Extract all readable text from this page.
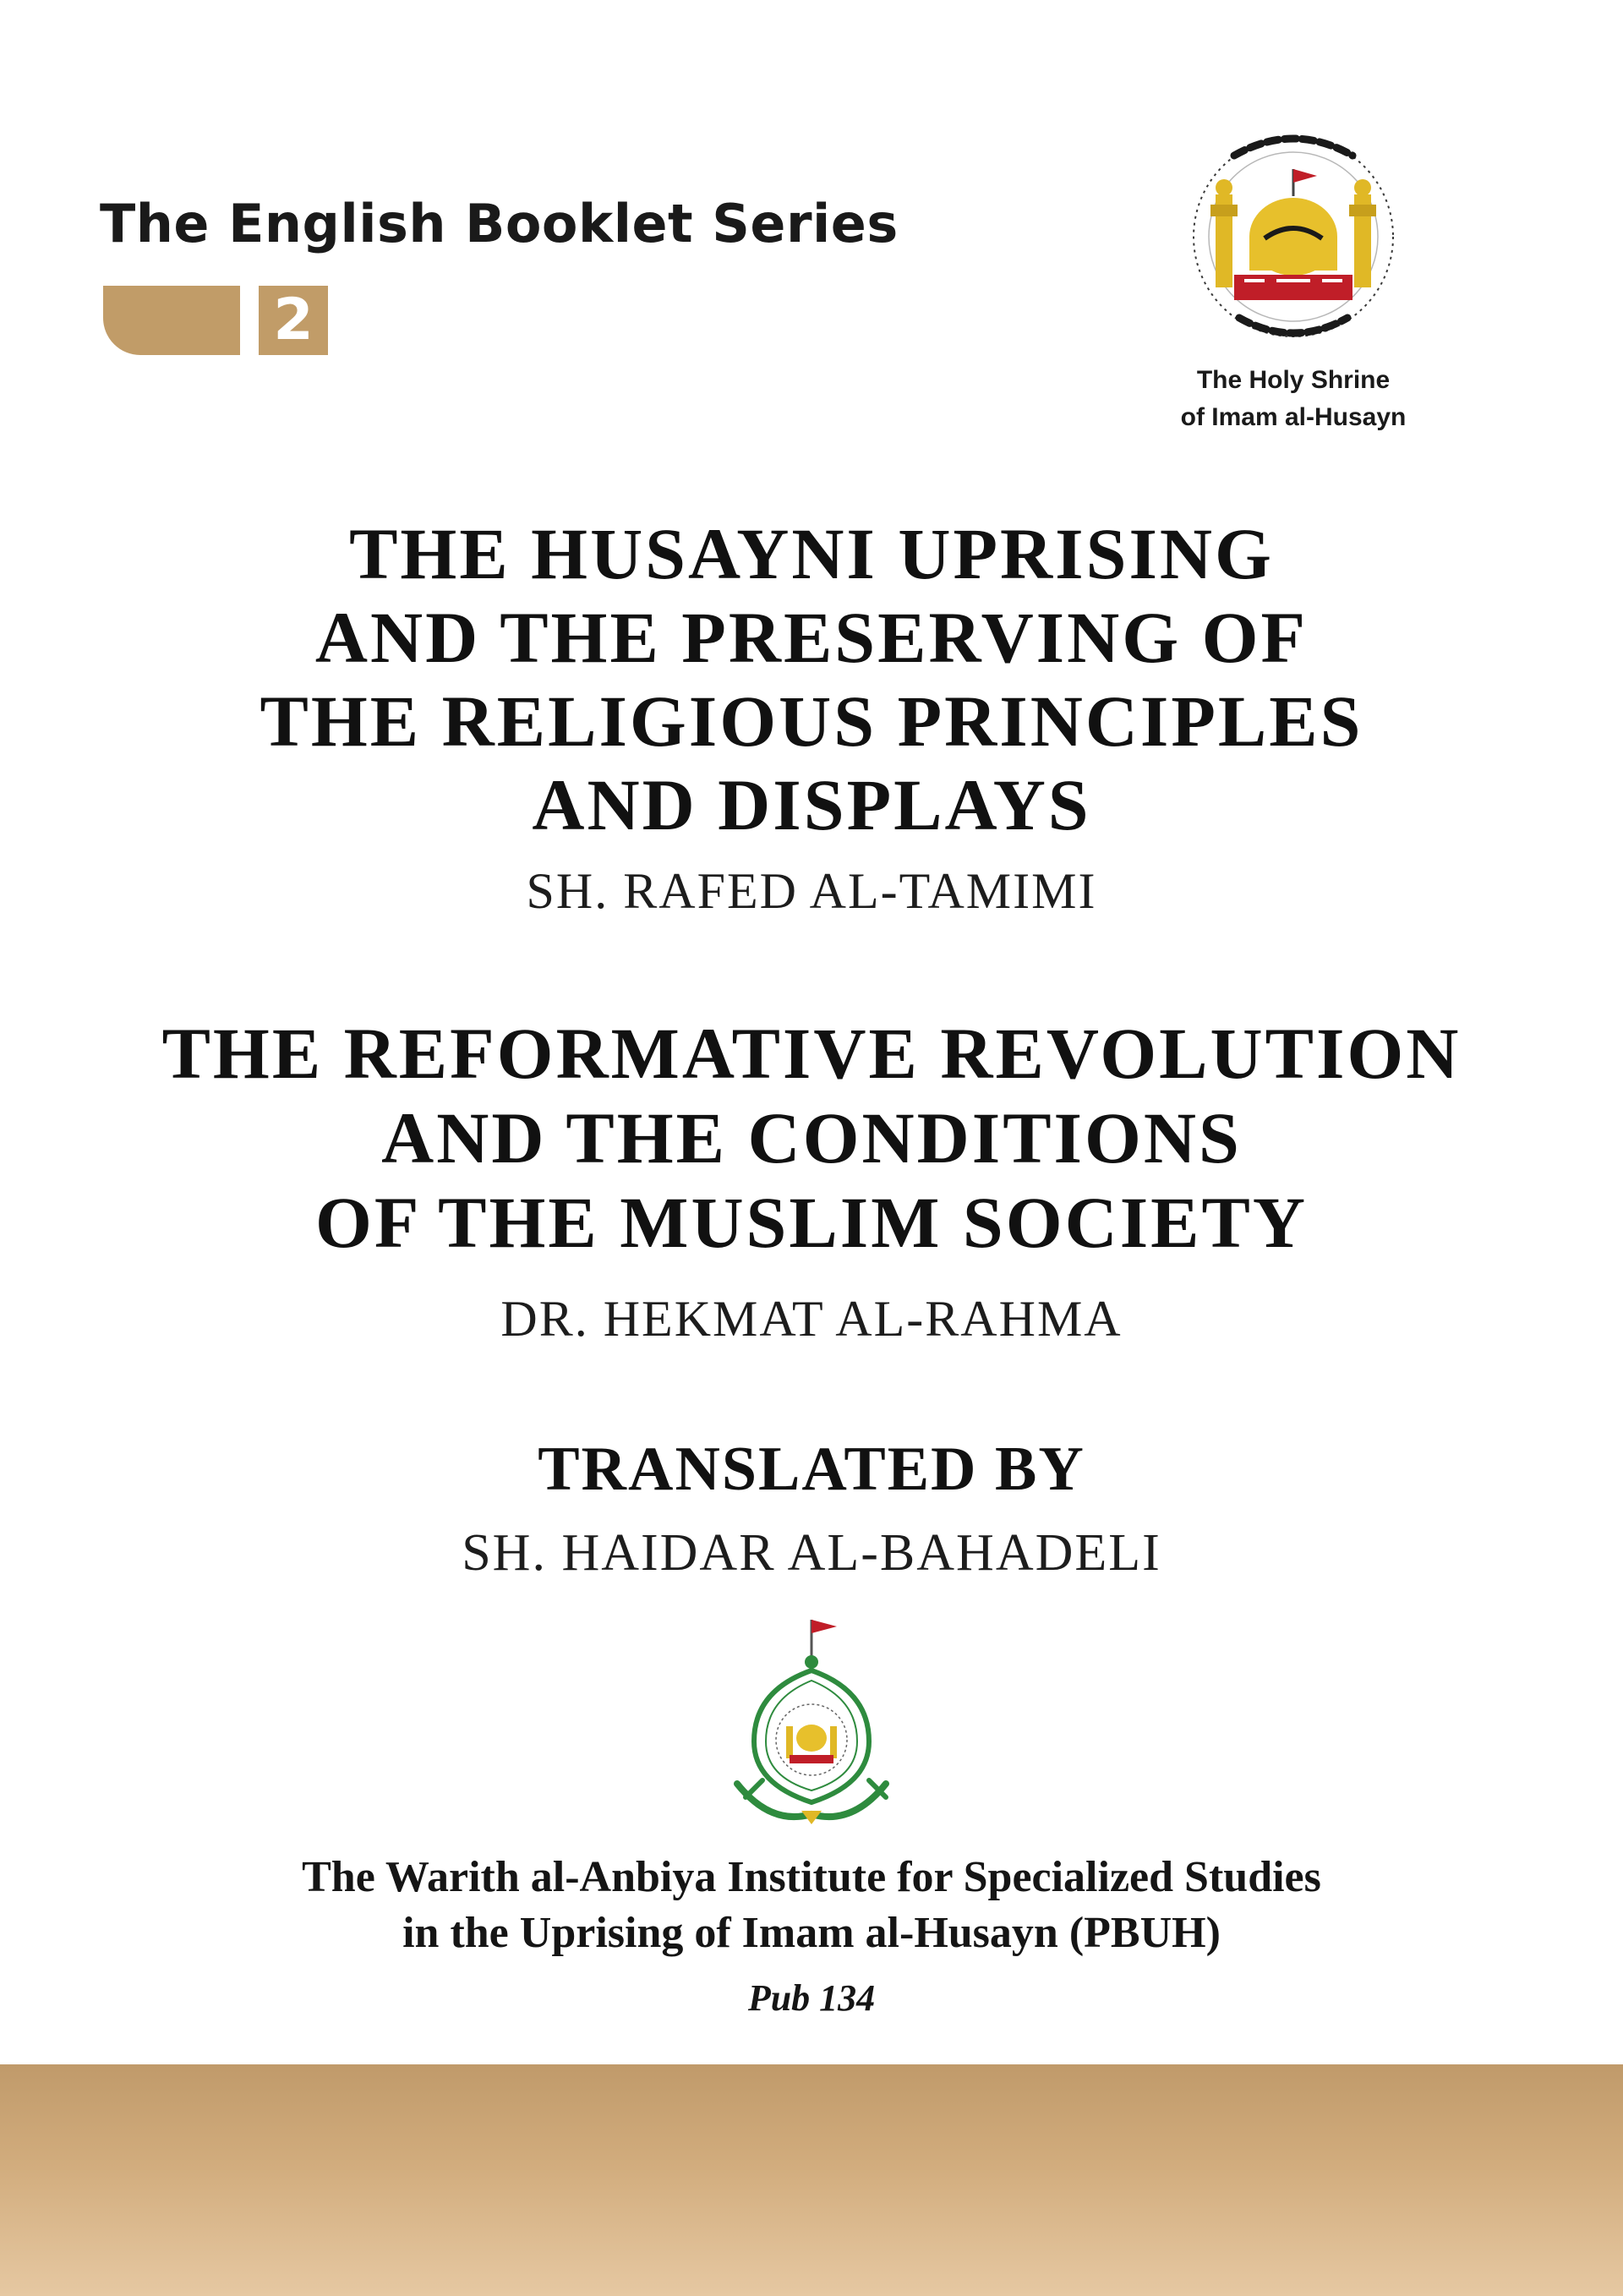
The English Booklet Series
2
The Holy Shrine
of Imam al-Husayn
THE HUSAYNI UPRISING
AND THE PRESERVING OF
THE RELIGIOUS PRINCIPLES
AND DISPLAYS
SH. RAFED AL-TAMIMI
THE REFORMATIVE REVOLUTION
AND THE CONDITIONS
OF THE MUSLIM SOCIETY
DR. HEKMAT AL-RAHMA
TRANSLATED BY
SH. HAIDAR AL-BAHADELI
The Warith al-Anbiya Institute for Specialized Studies
in the Uprising of Imam al-Husayn (PBUH)
Pub 134
